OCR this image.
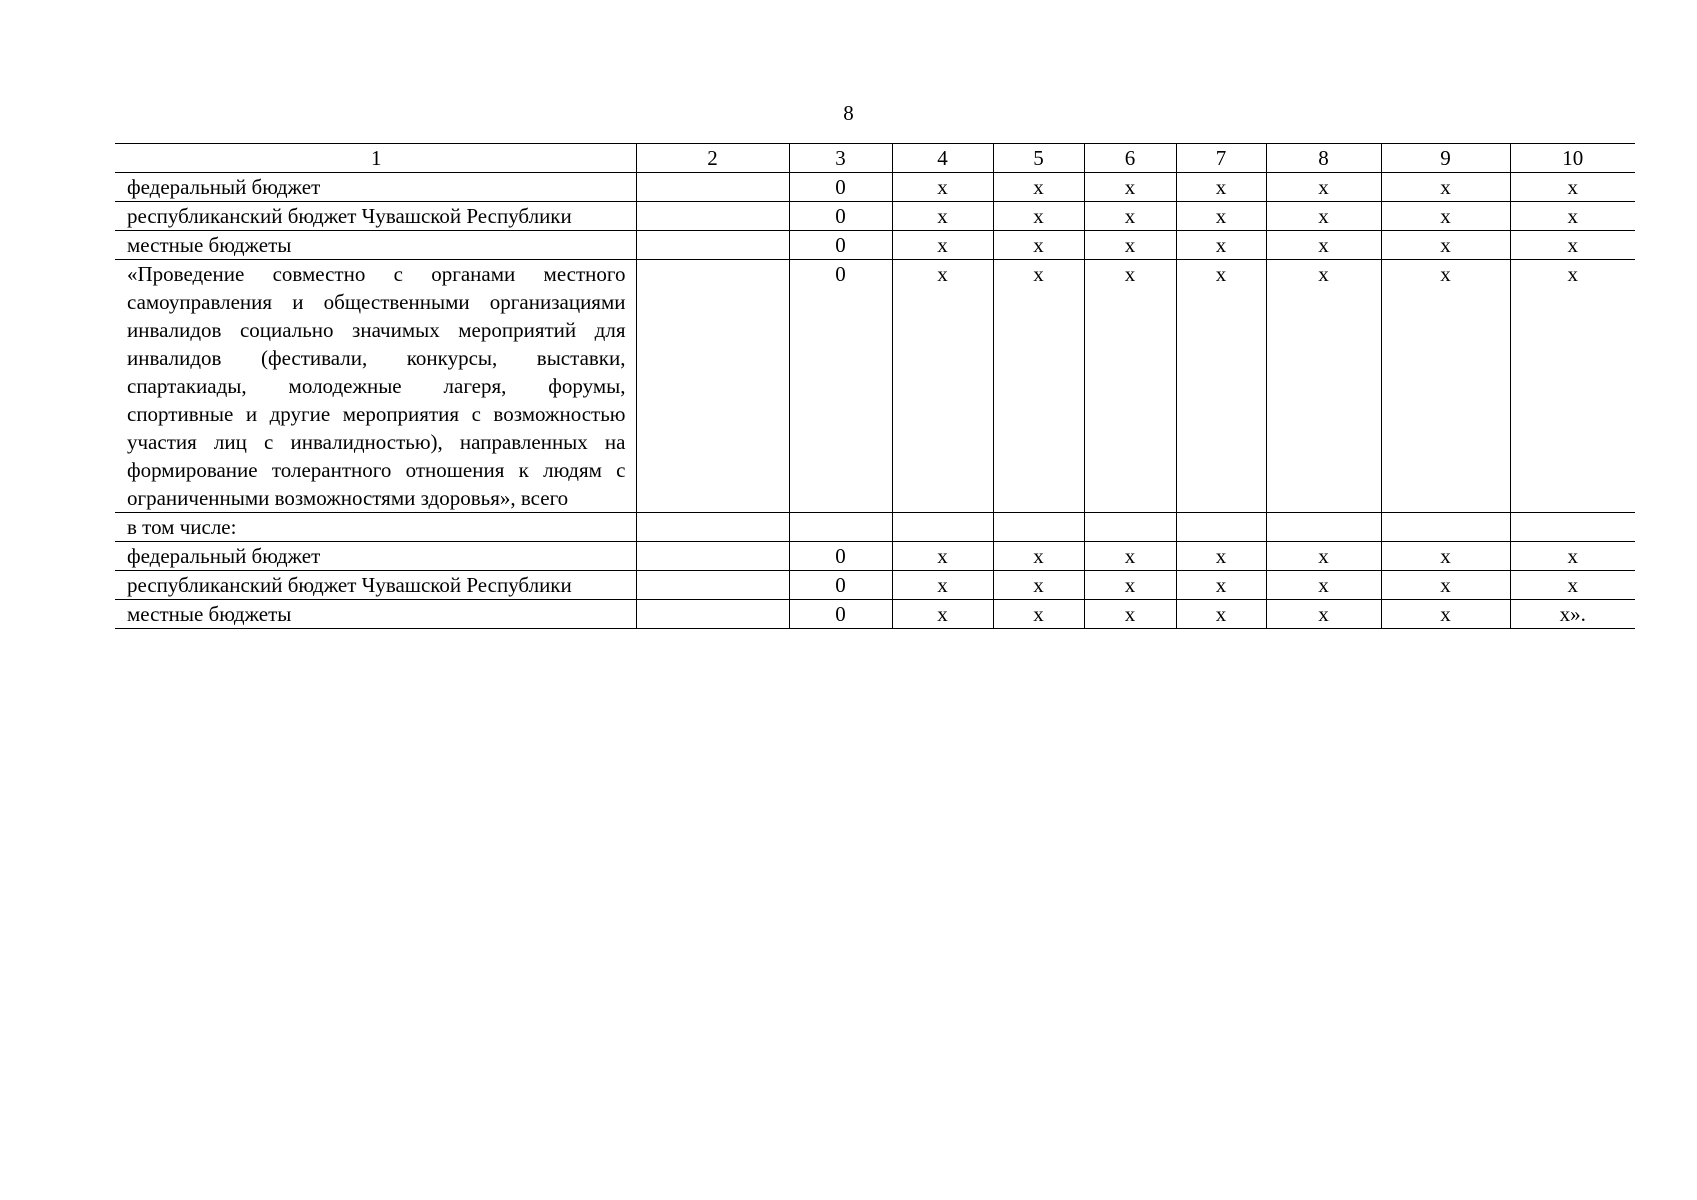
8
1	2	3	4	5	6	7	8	9	10
федеральный бюджет		0	x	x	x	x	x	x	x
республиканский бюджет Чувашской Республики		0	x	x	x	x	x	x	x
местные бюджеты		0	x	x	x	x	x	x	x
«Проведение совместно с органами местного самоуправления и общественными организациями инвалидов социально значимых мероприятий для инвалидов (фестивали, конкурсы, выставки, спартакиады, молодежные лагеря, форумы, спортивные и другие мероприятия с возможностью участия лиц с инвалидностью), направленных на формирование толерантного отношения к людям с ограниченными возможностями здоровья», всего		0	x	x	x	x	x	x	x
в том числе:									
федеральный бюджет		0	x	x	x	x	x	x	x
республиканский бюджет Чувашской Республики		0	x	x	x	x	x	x	x
местные бюджеты		0	x	x	x	x	x	x	x».
